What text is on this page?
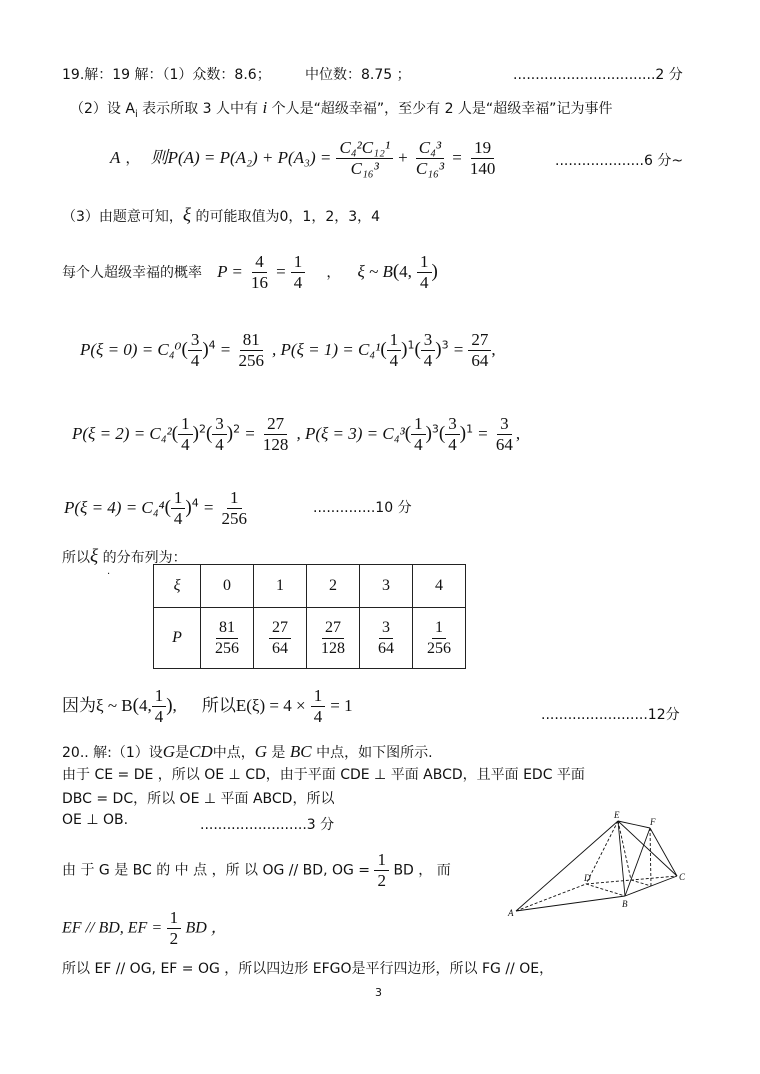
19.解：19 解：（1）众数：8.6； 中位数：8.75 ；	................................2 分
（2）设 $A_i$ 表示所取 3 人中有 i 个人是“超级幸福”，至少有 2 人是“超级幸福”记为事件
A ， 则$P(A) = P(A_2) + P(A_3) = \frac{\text{C₄²C₁₂¹}}{\text{C₁₆³}} + \frac{\text{C₄³}}{\text{C₁₆³}} = \frac{19}{140}$	....................6 分~
（3）由题意可知，ξ 的可能取值为0，1，2，3，4
每个人超级幸福的概率 $P = \frac{4}{16} = \frac{1}{4}$ ， ξ ~ B(4, $\frac{1}{4}$ )
$P(\xi = 0) = C_4^0( \frac{3}{4} )^4 = \frac{81}{256}$ , $P(\xi = 1) = C_4^1( \frac{1}{4} )^1( \frac{3}{4} )^3 = \frac{27}{64}$ ,
$P(\xi = 2) = C_4^2( \frac{1}{4} )^2( \frac{3}{4} )^2 = \frac{27}{128}$ , $P(\xi = 3) = C_4^3( \frac{1}{4} )^3( \frac{3}{4} )^1 = \frac{3}{64}$ ,
$P(\xi = 4) = C_4^4( \frac{1}{4} )^4 = \frac{1}{256}$	..............10 分
所以ξ 的分布列为：
.
ξ	0	1	2	3	4
P	$\frac{81}{256}$	$\frac{27}{64}$	$\frac{27}{128}$	$\frac{3}{64}$	$\frac{1}{256}$
因为ξ ~ B(4, $\frac{1}{4}$ ), 所以$E(\xi) = 4 \times \frac{1}{4} = 1$	........................12分
20.. 解:（1）设G是CD中点，G 是 BC 中点，如下图所示.
由于 CE = DE ，所以 OE ⊥ CD，由于平面 CDE ⊥ 平面 ABCD，且平面 EDC 平面
DBC = DC，所以 OE ⊥ 平面 ABCD，所以
OE ⊥ OB.	........................3 分
由 于 G 是 BC 的 中 点 ，所 以 OG // BD, OG = $\frac{1}{2}$ BD ， 而
EF // BD, EF = $\frac{1}{2}$ BD ，
所以 EF // OG, EF = OG ，所以四边形 EFGO是平行四边形，所以 FG // OE，
E
F
D	C
B
A
3
